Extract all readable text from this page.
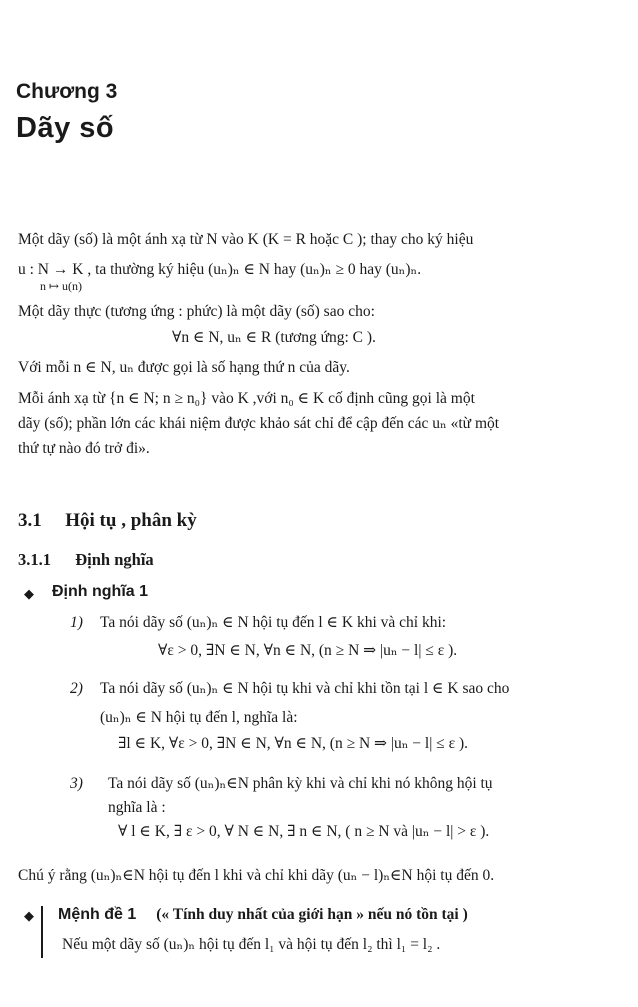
Chương 3
Dãy số
Một dãy (số) là một ánh xạ từ N vào K (K = R hoặc C ); thay cho ký hiệu
u : N → K , ta thường ký hiệu (uₙ)ₙ ∈ N hay (uₙ)ₙ ≥ 0 hay (uₙ)ₙ.
n ↦ u(n)
Một dãy thực (tương ứng : phức) là một dãy (số) sao cho:
∀n ∈ N, uₙ ∈ R (tương ứng: C ).
Với mỗi n ∈ N, uₙ được gọi là số hạng thứ n của dãy.
Mỗi ánh xạ từ {n ∈ N; n ≥ n₀} vào K ,với n₀ ∈ K cố định cũng gọi là một
dãy (số); phần lớn các khái niệm được khảo sát chỉ để cập đến các uₙ «từ một
thứ tự nào đó trở đi».
3.1 Hội tụ , phân kỳ
3.1.1 Định nghĩa
◆ Định nghĩa 1
1) Ta nói dãy số (uₙ)ₙ ∈ N hội tụ đến l ∈ K khi và chỉ khi:
∀ε > 0, ∃N ∈ N, ∀n ∈ N, (n ≥ N ⇒ |uₙ − l| ≤ ε ).
2) Ta nói dãy số (uₙ)ₙ ∈ N hội tụ khi và chỉ khi tồn tại l ∈ K sao cho
(uₙ)ₙ ∈ N hội tụ đến l, nghĩa là:
∃l ∈ K, ∀ε > 0, ∃N ∈ N, ∀n ∈ N, (n ≥ N ⇒ |uₙ − l| ≤ ε ).
3) Ta nói dãy số (uₙ)ₙ∈N phân kỳ khi và chỉ khi nó không hội tụ
nghĩa là :
∀ l ∈ K, ∃ ε > 0, ∀ N ∈ N, ∃ n ∈ N, ( n ≥ N và |uₙ − l| > ε ).
Chú ý rằng (uₙ)ₙ∈N hội tụ đến l khi và chỉ khi dãy (uₙ − l)ₙ∈N hội tụ đến 0.
◆ Mệnh đề 1 (« Tính duy nhất của giới hạn » nếu nó tồn tại )
Nếu một dãy số (uₙ)ₙ hội tụ đến l₁ và hội tụ đến l₂ thì l₁ = l₂ .
